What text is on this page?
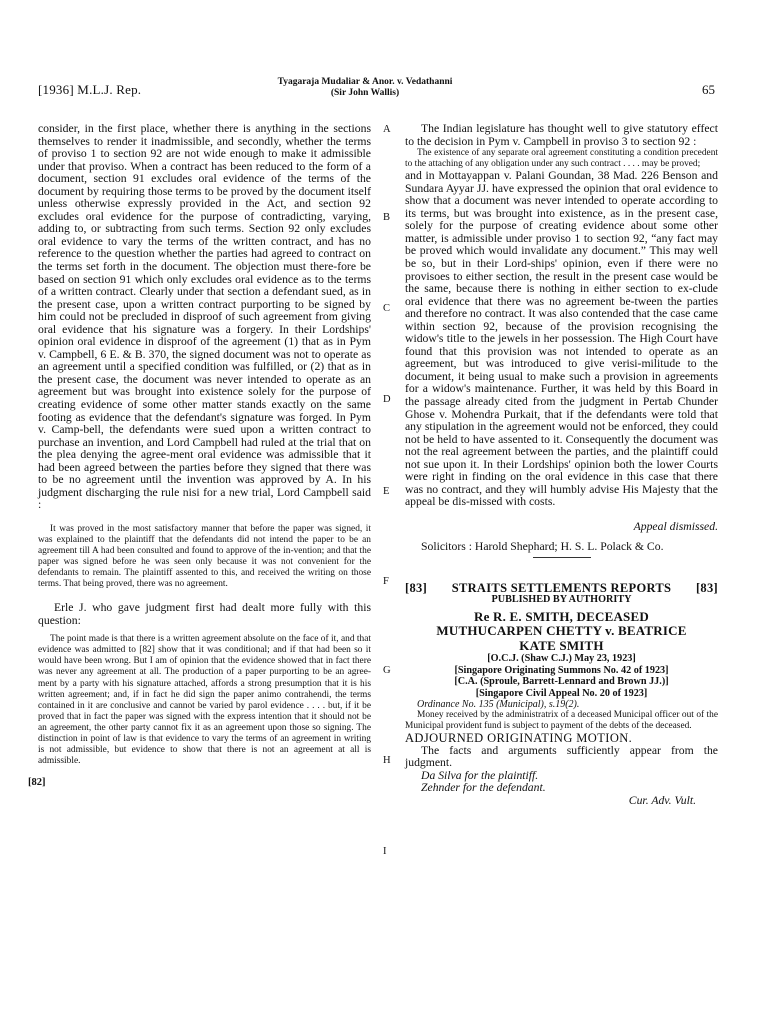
[1936] M.L.J. Rep.	Tyagaraja Mudaliar & Anor. v. Vedathanni
(Sir John Wallis)	65

consider, in the first place, whether there is anything in the sections themselves to render it inadmissible, and secondly, whether the terms of proviso 1 to section 92 are not wide enough to make it admissible under that proviso. When a contract has been reduced to the form of a document, section 91 excludes oral evidence of the terms of the document by requiring those terms to be proved by the document itself unless otherwise expressly provided in the Act, and section 92 excludes oral evidence for the purpose of contradicting, varying, adding to, or subtracting from such terms. Section 92 only excludes oral evidence to vary the terms of the written contract, and has no reference to the question whether the parties had agreed to contract on the terms set forth in the document. The objection must there-fore be based on section 91 which only excludes oral evidence as to the terms of a written contract. Clearly under that section a defendant sued, as in the present case, upon a written contract purporting to be signed by him could not be precluded in disproof of such agreement from giving oral evidence that his signature was a forgery. In their Lordships' opinion oral evidence in disproof of the agreement (1) that as in Pym v. Campbell, 6 E. & B. 370, the signed document was not to operate as an agreement until a specified condition was fulfilled, or (2) that as in the present case, the document was never intended to operate as an agreement but was brought into existence solely for the purpose of creating evidence of some other matter stands exactly on the same footing as evidence that the defendant's signature was forged. In Pym v. Camp-bell, the defendants were sued upon a written contract to purchase an invention, and Lord Campbell had ruled at the trial that on the plea denying the agree-ment oral evidence was admissible that it had been agreed between the parties before they signed that there was to be no agreement until the invention was approved by A. In his judgment discharging the rule nisi for a new trial, Lord Campbell said :

It was proved in the most satisfactory manner that before the paper was signed, it was explained to the plaintiff that the defendants did not intend the paper to be an agreement till A had been consulted and found to approve of the in-vention; and that the paper was signed before he was seen only because it was not convenient for the defendants to remain. The plaintiff assented to this, and received the writing on those terms. That being proved, there was no agreement.

Erle J. who gave judgment first had dealt more fully with this question:

The point made is that there is a written agreement absolute on the face of it, and that evidence was admitted to [82] show that it was conditional; and if that had been so it would have been wrong. But I am of opinion that the evidence showed that in fact there was never any agreement at all. The production of a paper purporting to be an agree-ment by a party with his signature attached, affords a strong presumption that it is his written agreement; and, if in fact he did sign the paper animo contrahendi, the terms contained in it are conclusive and cannot be varied by parol evidence . . . . but, if it be proved that in fact the paper was signed with the express intention that it should not be an agreement, the other party cannot fix it as an agreement upon those so signing. The distinction in point of law is that evidence to vary the terms of an agreement in writing is not admissible, but evidence to show that there is not an agreement at all is admissible.

A
B
C
D
E
F
G
H
I
[82]

The Indian legislature has thought well to give statutory effect to the decision in Pym v. Campbell in proviso 3 to section 92 :

The existence of any separate oral agreement constituting a condition precedent to the attaching of any obligation under any such contract . . . . may be proved;

and in Mottayappan v. Palani Goundan, 38 Mad. 226 Benson and Sundara Ayyar JJ. have expressed the opinion that oral evidence to show that a document was never intended to operate according to its terms, but was brought into existence, as in the present case, solely for the purpose of creating evidence about some other matter, is admissible under proviso 1 to section 92, “any fact may be proved which would invalidate any document.” This may well be so, but in their Lord-ships' opinion, even if there were no provisoes to either section, the result in the present case would be the same, because there is nothing in either section to ex-clude oral evidence that there was no agreement be-tween the parties and therefore no contract. It was also contended that the case came within section 92, because of the provision recognising the widow's title to the jewels in her possession. The High Court have found that this provision was not intended to operate as an agreement, but was introduced to give verisi-militude to the document, it being usual to make such a provision in agreements for a widow's maintenance. Further, it was held by this Board in the passage already cited from the judgment in Pertab Chunder Ghose v. Mohendra Purkait, that if the defendants were told that any stipulation in the agreement would not be enforced, they could not be held to have assented to it. Consequently the document was not the real agreement between the parties, and the plaintiff could not sue upon it. In their Lordships' opinion both the lower Courts were right in finding on the oral evidence in this case that there was no contract, and they will humbly advise His Majesty that the appeal be dis-missed with costs.

Appeal dismissed.

Solicitors : Harold Shephard; H. S. L. Polack & Co.

[83] STRAITS SETTLEMENTS REPORTS [83]

PUBLISHED BY AUTHORITY

Re R. E. SMITH, DECEASED

MUTHUCARPEN CHETTY v. BEATRICE

KATE SMITH

[O.C.J. (Shaw C.J.) May 23, 1923]

[Singapore Originating Summons No. 42 of 1923]

[C.A. (Sproule, Barrett-Lennard and Brown JJ.)]

[Singapore Civil Appeal No. 20 of 1923]

Ordinance No. 135 (Municipal), s.19(2).

Money received by the administratrix of a deceased Municipal officer out of the Municipal provident fund is subject to payment of the debts of the deceased.

ADJOURNED ORIGINATING MOTION.

The facts and arguments sufficiently appear from the judgment.

Da Silva for the plaintiff.

Zehnder for the defendant.

Cur. Adv. Vult.
